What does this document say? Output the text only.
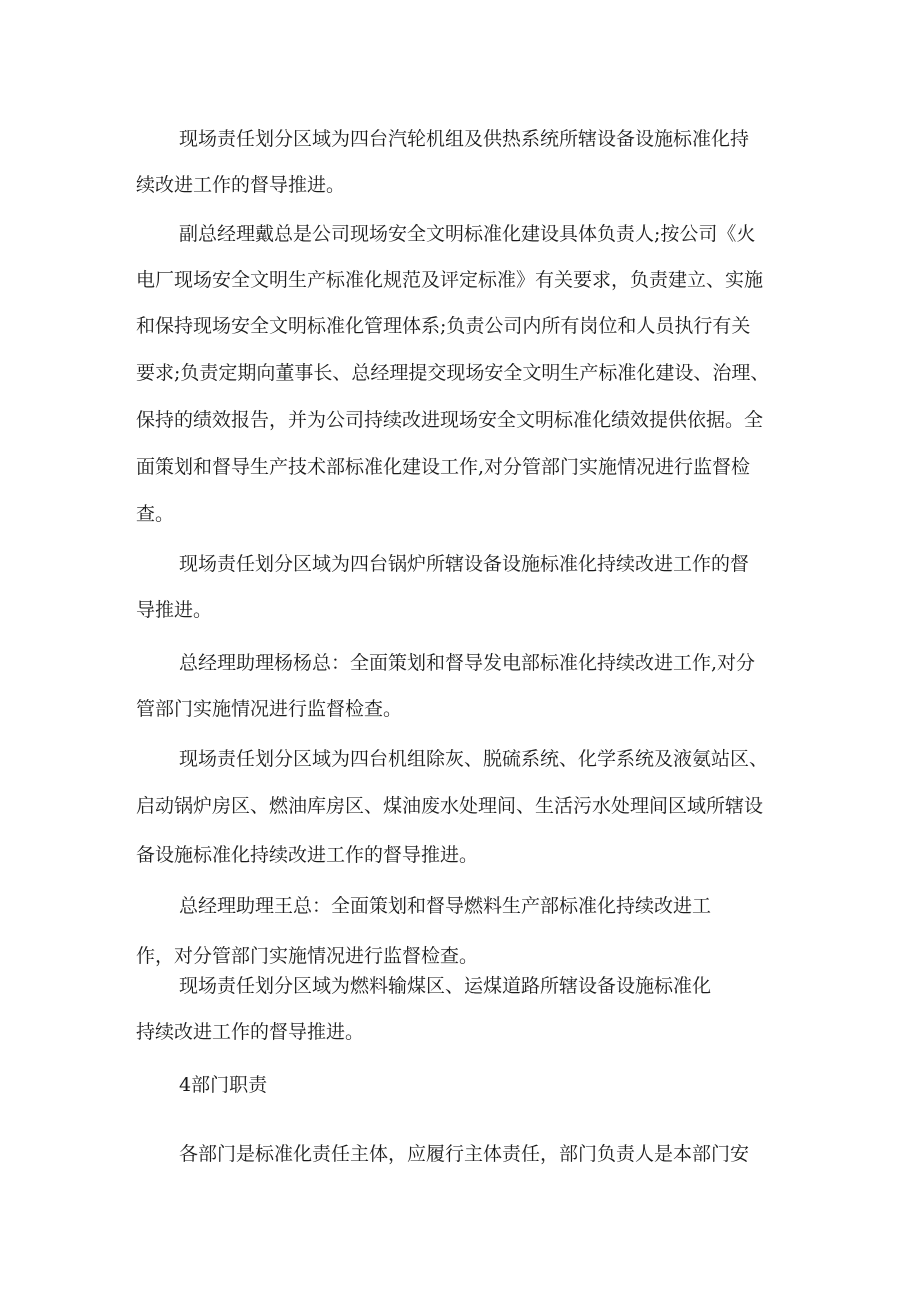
现场责任划分区域为四台汽轮机组及供热系统所辖设备设施标准化持
续改进工作的督导推进。
副总经理戴总是公司现场安全文明标准化建设具体负责人;按公司《火
电厂现场安全文明生产标准化规范及评定标准》有关要求，负责建立、实施
和保持现场安全文明标准化管理体系;负责公司内所有岗位和人员执行有关
要求;负责定期向董事长、总经理提交现场安全文明生产标准化建设、治理、
保持的绩效报告，并为公司持续改进现场安全文明标准化绩效提供依据。全
面策划和督导生产技术部标准化建设工作,对分管部门实施情况进行监督检
查。
现场责任划分区域为四台锅炉所辖设备设施标准化持续改进工作的督
导推进。
总经理助理杨杨总：全面策划和督导发电部标准化持续改进工作,对分
管部门实施情况进行监督检查。
现场责任划分区域为四台机组除灰、脱硫系统、化学系统及液氨站区、
启动锅炉房区、燃油库房区、煤油废水处理间、生活污水处理间区域所辖设
备设施标准化持续改进工作的督导推进。
总经理助理王总：全面策划和督导燃料生产部标准化持续改进工
作，对分管部门实施情况进行监督检查。
现场责任划分区域为燃料输煤区、运煤道路所辖设备设施标准化
持续改进工作的督导推进。
4部门职责
各部门是标准化责任主体，应履行主体责任，部门负责人是本部门安
